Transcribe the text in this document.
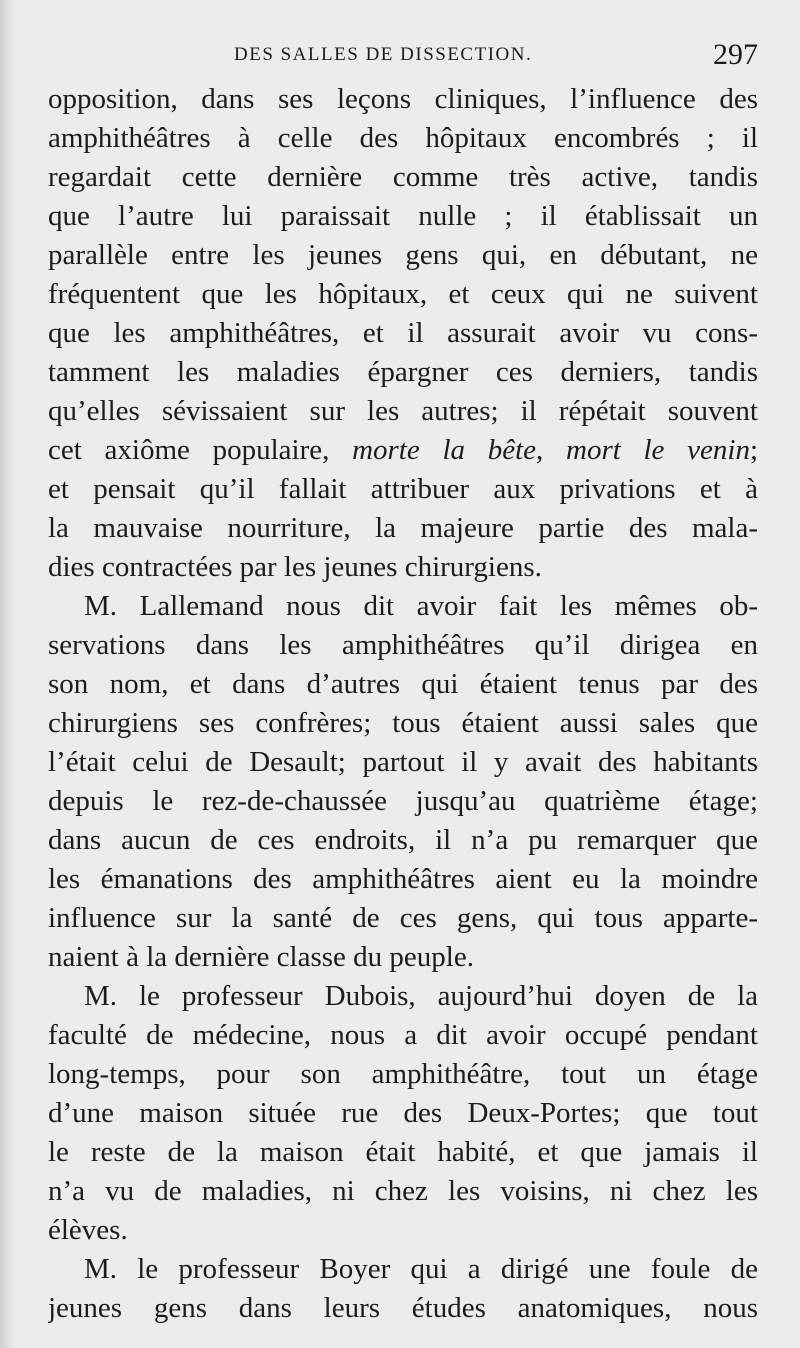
DES SALLES DE DISSECTION.	297
opposition, dans ses leçons cliniques, l’influence des
amphithéâtres à celle des hôpitaux encombrés ; il
regardait cette dernière comme très active, tandis
que l’autre lui paraissait nulle ; il établissait un
parallèle entre les jeunes gens qui, en débutant, ne
fréquentent que les hôpitaux, et ceux qui ne suivent
que les amphithéâtres, et il assurait avoir vu cons-
tamment les maladies épargner ces derniers, tandis
qu’elles sévissaient sur les autres; il répétait souvent
cet axiôme populaire, morte la bête, mort le venin;
et pensait qu’il fallait attribuer aux privations et à
la mauvaise nourriture, la majeure partie des mala-
dies contractées par les jeunes chirurgiens.
M. Lallemand nous dit avoir fait les mêmes ob-
servations dans les amphithéâtres qu’il dirigea en
son nom, et dans d’autres qui étaient tenus par des
chirurgiens ses confrères; tous étaient aussi sales que
l’était celui de Desault; partout il y avait des habitants
depuis le rez-de-chaussée jusqu’au quatrième étage;
dans aucun de ces endroits, il n’a pu remarquer que
les émanations des amphithéâtres aient eu la moindre
influence sur la santé de ces gens, qui tous apparte-
naient à la dernière classe du peuple.
M. le professeur Dubois, aujourd’hui doyen de la
faculté de médecine, nous a dit avoir occupé pendant
long-temps, pour son amphithéâtre, tout un étage
d’une maison située rue des Deux-Portes; que tout
le reste de la maison était habité, et que jamais il
n’a vu de maladies, ni chez les voisins, ni chez les
élèves.
M. le professeur Boyer qui a dirigé une foule de
jeunes gens dans leurs études anatomiques, nous
